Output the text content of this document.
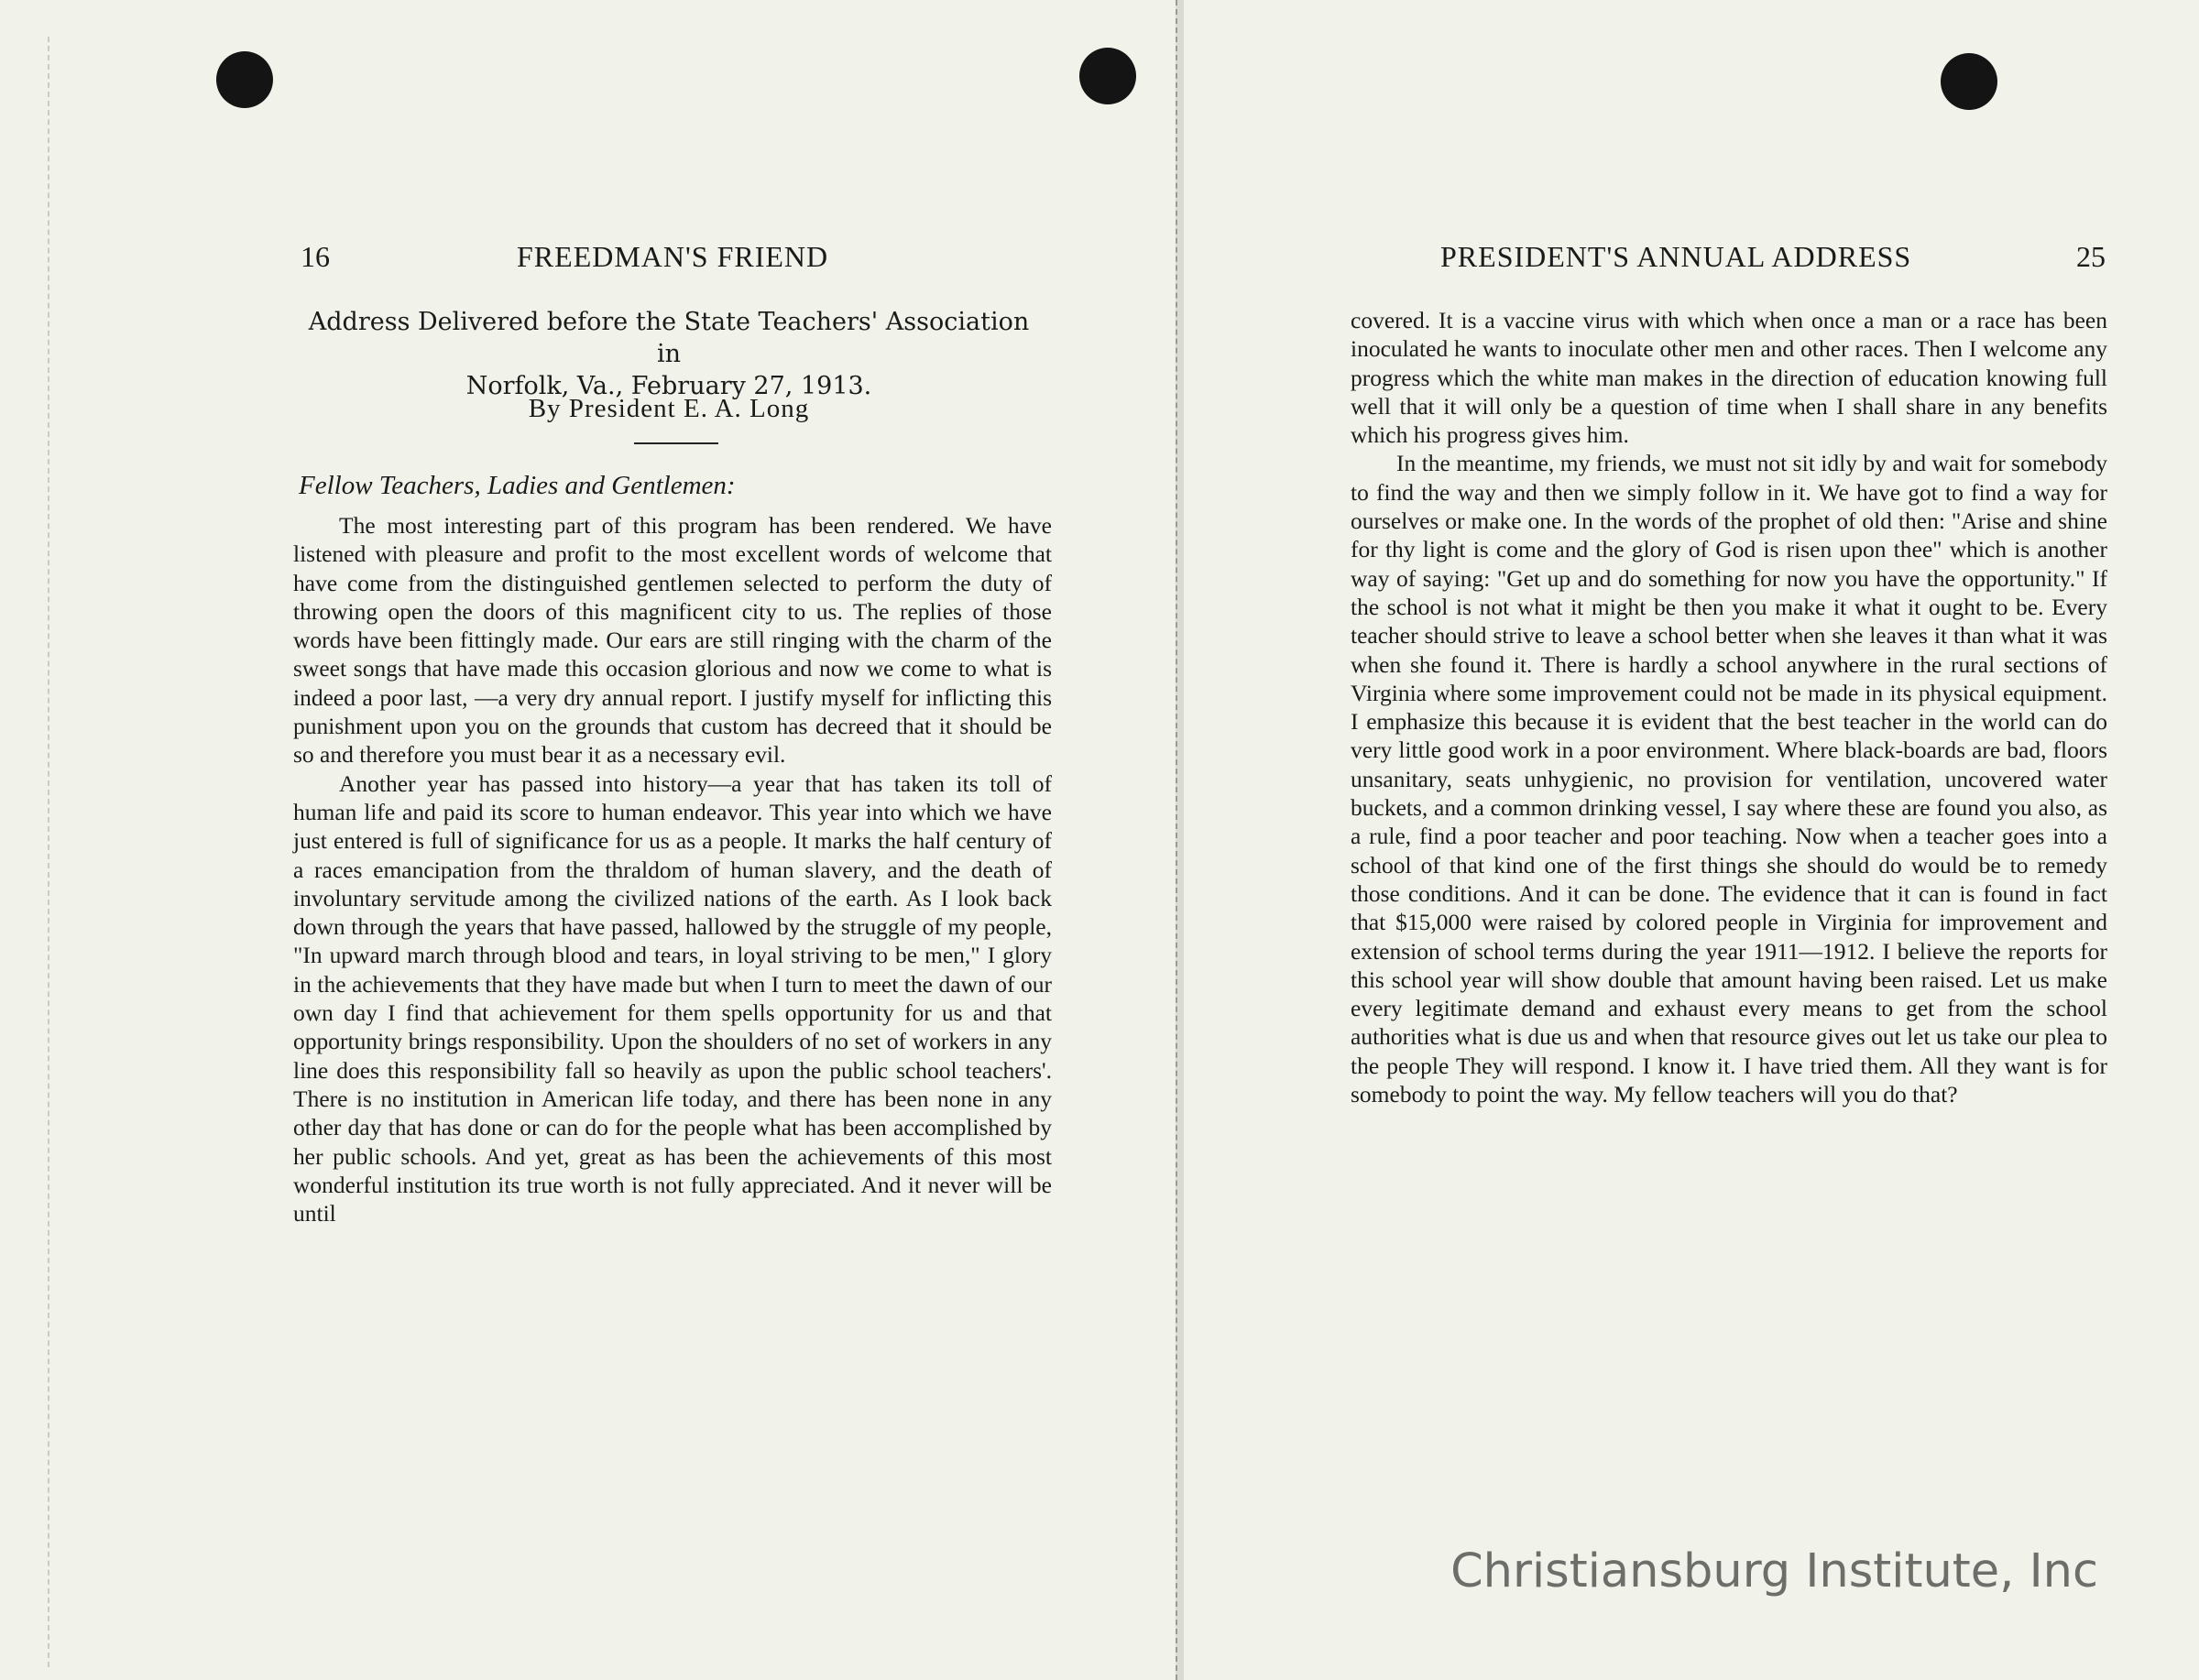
16	FREEDMAN'S FRIEND
Address Delivered before the State Teachers' Association in
Norfolk, Va., February 27, 1913.
By President E. A. Long
Fellow Teachers, Ladies and Gentlemen:

The most interesting part of this program has been rendered. We have listened with pleasure and profit to the most excellent words of welcome that have come from the distinguished gentlemen selected to perform the duty of throwing open the doors of this magnificent city to us. The replies of those words have been fittingly made. Our ears are still ringing with the charm of the sweet songs that have made this occasion glorious and now we come to what is indeed a poor last, —a very dry annual report. I justify myself for inflicting this punishment upon you on the grounds that custom has decreed that it should be so and therefore you must bear it as a necessary evil.

Another year has passed into history—a year that has taken its toll of human life and paid its score to human endeavor. This year into which we have just entered is full of significance for us as a people. It marks the half century of a races emancipation from the thraldom of human slavery, and the death of involuntary servitude among the civilized nations of the earth. As I look back down through the years that have passed, hallowed by the struggle of my people, "In upward march through blood and tears, in loyal striving to be men," I glory in the achievements that they have made but when I turn to meet the dawn of our own day I find that achievement for them spells opportunity for us and that opportunity brings responsibility. Upon the shoulders of no set of workers in any line does this responsibility fall so heavily as upon the public school teachers'. There is no institution in American life today, and there has been none in any other day that has done or can do for the people what has been accomplished by her public schools. And yet, great as has been the achievements of this most wonderful institution its true worth is not fully appreciated. And it never will be until

PRESIDENT'S ANNUAL ADDRESS	25

covered. It is a vaccine virus with which when once a man or a race has been inoculated he wants to inoculate other men and other races. Then I welcome any progress which the white man makes in the direction of education knowing full well that it will only be a question of time when I shall share in any benefits which his progress gives him.

In the meantime, my friends, we must not sit idly by and wait for somebody to find the way and then we simply follow in it. We have got to find a way for ourselves or make one. In the words of the prophet of old then: "Arise and shine for thy light is come and the glory of God is risen upon thee" which is another way of saying: "Get up and do something for now you have the opportunity." If the school is not what it might be then you make it what it ought to be. Every teacher should strive to leave a school better when she leaves it than what it was when she found it. There is hardly a school anywhere in the rural sections of Virginia where some improvement could not be made in its physical equipment. I emphasize this because it is evident that the best teacher in the world can do very little good work in a poor environment. Where black-boards are bad, floors unsanitary, seats unhygienic, no provision for ventilation, uncovered water buckets, and a common drinking vessel, I say where these are found you also, as a rule, find a poor teacher and poor teaching. Now when a teacher goes into a school of that kind one of the first things she should do would be to remedy those conditions. And it can be done. The evidence that it can is found in fact that $15,000 were raised by colored people in Virginia for improvement and extension of school terms during the year 1911—1912. I believe the reports for this school year will show double that amount having been raised. Let us make every legitimate demand and exhaust every means to get from the school authorities what is due us and when that resource gives out let us take our plea to the people They will respond. I know it. I have tried them. All they want is for somebody to point the way. My fellow teachers will you do that?

Christiansburg Institute, Inc
